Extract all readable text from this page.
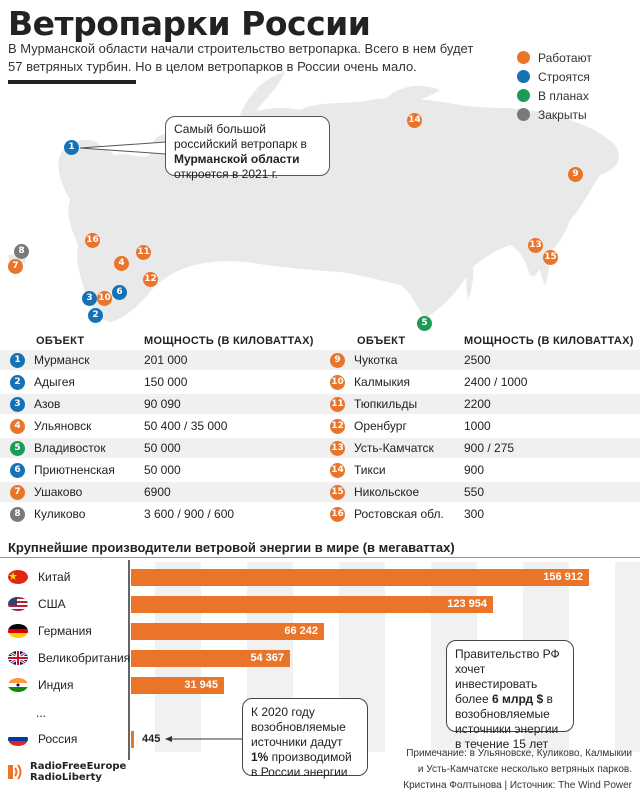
Ветропарки России
В Мурманской области начали строительство ветропарка. Всего в нем будет 57 ветряных турбин. Но в целом ветропарков в России очень мало.
1
2
3
4
5
6
7
8
9
10
11
12
13
14
15
16
Работают
Строятся
В планах
Закрыты
Самый большой российский ветропарк в Мурманской области откроется в 2021 г.
ОБЪЕКТ	МОЩНОСТЬ (В КИЛОВАТТАХ)	ОБЪЕКТ	МОЩНОСТЬ (В КИЛОВАТТАХ)
1	Мурманск	201 000
2	Адыгея	150 000
3	Азов	90 090
4	Ульяновск	50 400 / 35 000
5	Владивосток	50 000
6	Приютненская	50 000
7	Ушаково	6900
8	Куликово	3 600 / 900 / 600
9	Чукотка	2500
10 Калмыкия	2400 / 1000
11 Тюпкильды	2200
12 Оренбург	1000
13 Усть-Камчатск	900 / 275
14 Тикси	900
15 Никольское	550
16 Ростовская обл.	300
Крупнейшие производители ветровой энергии в мире (в мегаваттах)
Китай
США
Германия
Великобритания
Индия
...
Россия
156 912
123 954
66 242
54 367
31 945
445
К 2020 году возобновляемые источники дадут 1% производимой в России энергии
Правительство РФ хочет инвестировать более 6 млрд $ в возобновляемые источники энергии в течение 15 лет
Примечание: в Ульяновске, Куликово, Калмыкии
и Усть-Камчатске несколько ветряных парков.
Кристина Фолтынова | Источник: The Wind Power
RadioFreeEurope
RadioLiberty
